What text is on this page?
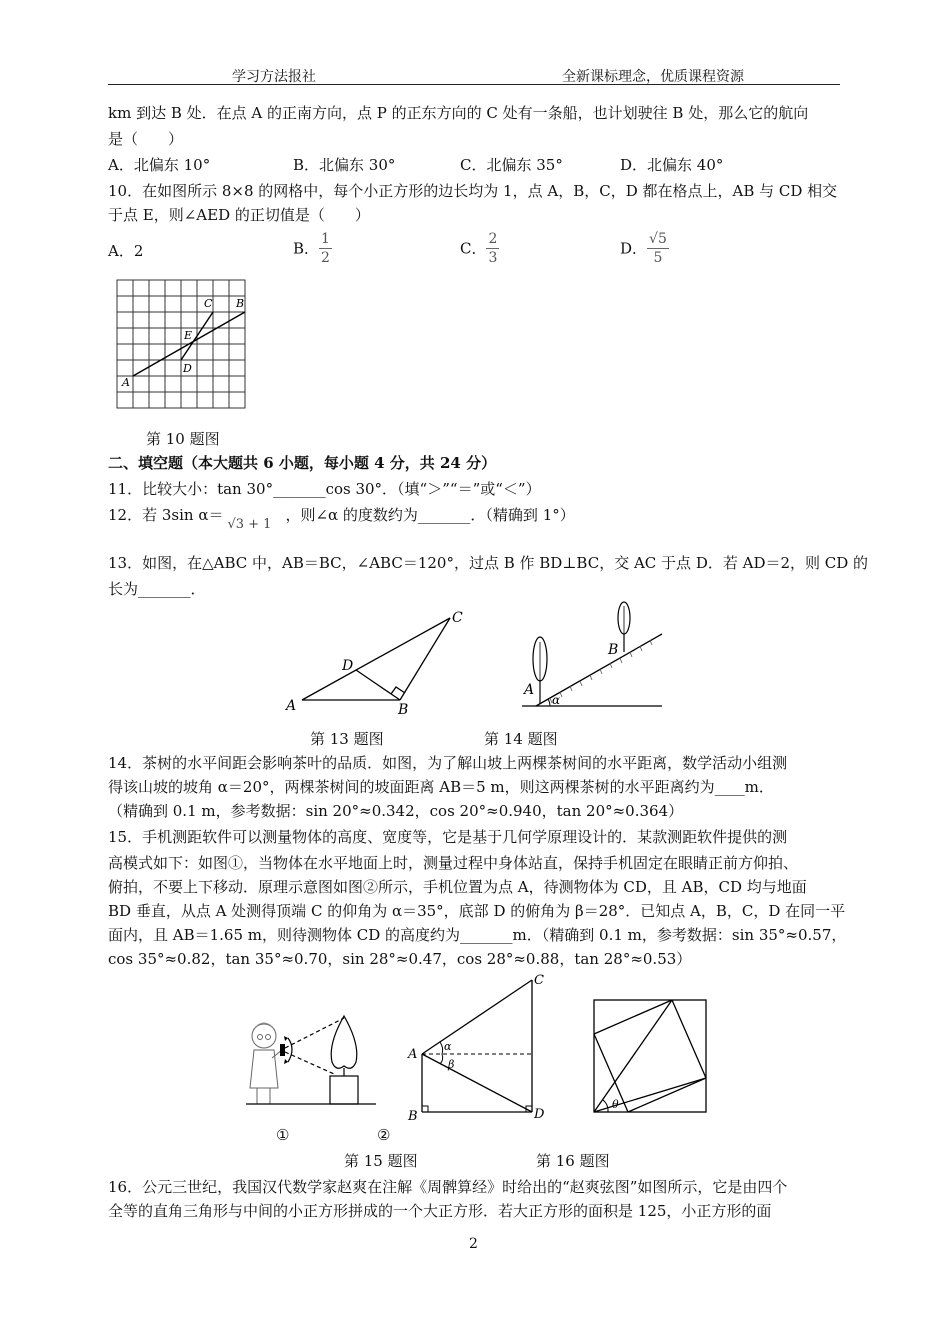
学习方法报社	全新课标理念，优质课程资源
km 到达 B 处．在点 A 的正南方向，点 P 的正东方向的 C 处有一条船，也计划驶往 B 处，那么它的航向
是（　　）
A．北偏东 10°	B．北偏东 30°	C．北偏东 35°	D．北偏东 40°
10．在如图所示 8×8 的网格中，每个小正方形的边长均为 1，点 A，B，C，D 都在格点上，AB 与 CD 相交
于点 E，则∠AED 的正切值是（　　）
A．2	B． $\frac{1}{2}$	C． $\frac{2}{3}$	D． $\frac{√5}{5}$
A
B
C
D
E
第 10 题图
二、填空题（本大题共 6 小题，每小题 4 分，共 24 分）
11．比较大小：tan 30°_______cos 30°．（填“＞”“＝”或“＜”）
12．若 3sin α＝
√3 + 1
，则∠α 的度数约为_______．（精确到 1°）
13．如图，在△ABC 中，AB＝BC，∠ABC＝120°，过点 B 作 BD⊥BC，交 AC 于点 D．若 AD＝2，则 CD 的
长为_______．
A	B
C
D
A
B
α
第 13 题图	第 14 题图
14．茶树的水平间距会影响茶叶的品质．如图，为了解山坡上两棵茶树间的水平距离，数学活动小组测
得该山坡的坡角 α＝20°，两棵茶树间的坡面距离 AB＝5 m，则这两棵茶树的水平距离约为____m．
（精确到 0.1 m，参考数据：sin 20°≈0.342，cos 20°≈0.940，tan 20°≈0.364）
15．手机测距软件可以测量物体的高度、宽度等，它是基于几何学原理设计的．某款测距软件提供的测
高模式如下：如图①，当物体在水平地面上时，测量过程中身体站直，保持手机固定在眼睛正前方仰拍、
俯拍，不要上下移动．原理示意图如图②所示，手机位置为点 A，待测物体为 CD，且 AB，CD 均与地面
BD 垂直，从点 A 处测得顶端 C 的仰角为 α＝35°，底部 D 的俯角为 β＝28°．已知点 A，B，C，D 在同一平
面内，且 AB＝1.65 m，则待测物体 CD 的高度约为_______m．（精确到 0.1 m，参考数据：sin 35°≈0.57，
cos 35°≈0.82，tan 35°≈0.70，sin 28°≈0.47，cos 28°≈0.88，tan 28°≈0.53）
①	②
A
B
C
D
α
β
θ
第 15 题图	第 16 题图
16．公元三世纪，我国汉代数学家赵爽在注解《周髀算经》时给出的“赵爽弦图”如图所示，它是由四个
全等的直角三角形与中间的小正方形拼成的一个大正方形．若大正方形的面积是 125，小正方形的面
2
